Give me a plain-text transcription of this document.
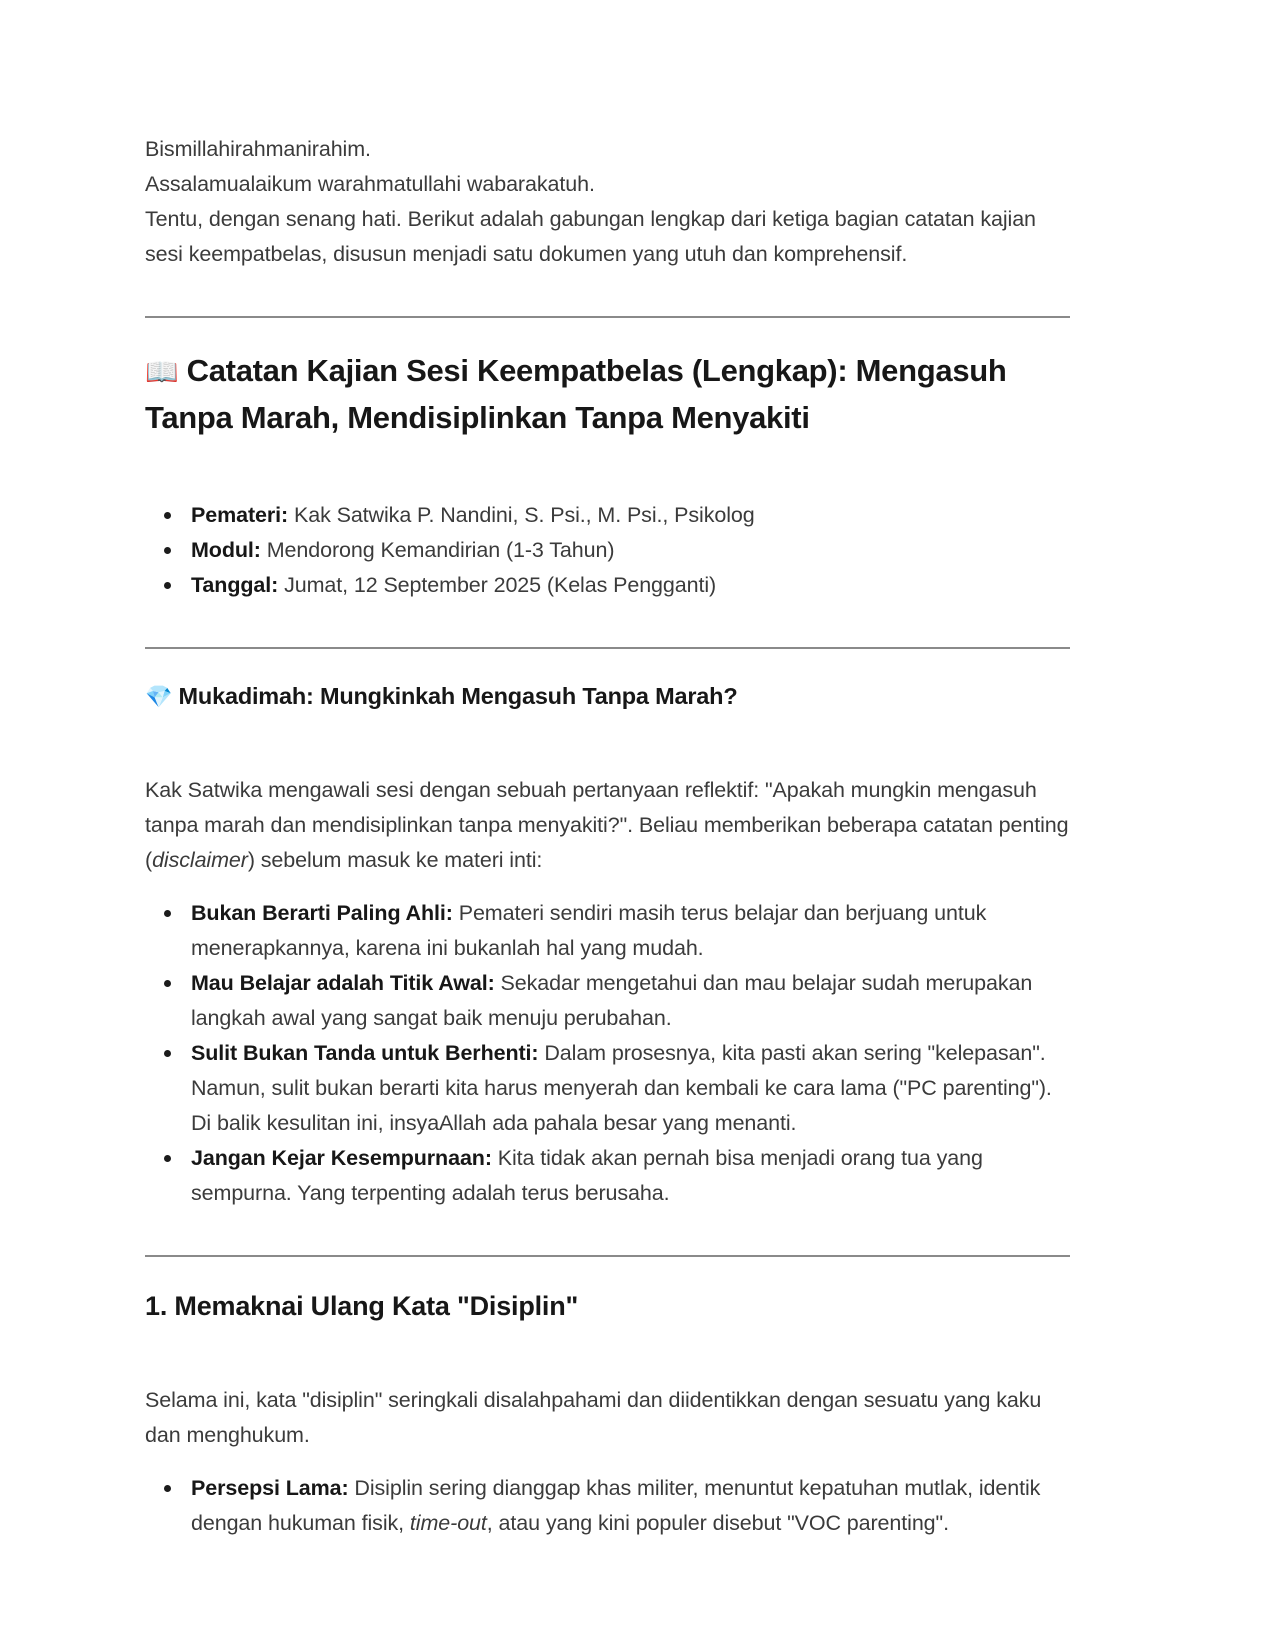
Bismillahirahmanirahim.

Assalamualaikum warahmatullahi wabarakatuh.

Tentu, dengan senang hati. Berikut adalah gabungan lengkap dari ketiga bagian catatan kajian sesi keempatbelas, disusun menjadi satu dokumen yang utuh dan komprehensif.

📖 Catatan Kajian Sesi Keempatbelas (Lengkap): Mengasuh Tanpa Marah, Mendisiplinkan Tanpa Menyakiti
Pemateri: Kak Satwika P. Nandini, S. Psi., M. Psi., Psikolog
Modul: Mendorong Kemandirian (1-3 Tahun)
Tanggal: Jumat, 12 September 2025 (Kelas Pengganti)
💎 Mukadimah: Mungkinkah Mengasuh Tanpa Marah?

Kak Satwika mengawali sesi dengan sebuah pertanyaan reflektif: "Apakah mungkin mengasuh tanpa marah dan mendisiplinkan tanpa menyakiti?". Beliau memberikan beberapa catatan penting (disclaimer) sebelum masuk ke materi inti:

Bukan Berarti Paling Ahli: Pemateri sendiri masih terus belajar dan berjuang untuk menerapkannya, karena ini bukanlah hal yang mudah.
Mau Belajar adalah Titik Awal: Sekadar mengetahui dan mau belajar sudah merupakan langkah awal yang sangat baik menuju perubahan.
Sulit Bukan Tanda untuk Berhenti: Dalam prosesnya, kita pasti akan sering "kelepasan". Namun, sulit bukan berarti kita harus menyerah dan kembali ke cara lama ("PC parenting"). Di balik kesulitan ini, insyaAllah ada pahala besar yang menanti.
Jangan Kejar Kesempurnaan: Kita tidak akan pernah bisa menjadi orang tua yang sempurna. Yang terpenting adalah terus berusaha.
1. Memaknai Ulang Kata "Disiplin"

Selama ini, kata "disiplin" seringkali disalahpahami dan diidentikkan dengan sesuatu yang kaku dan menghukum.

Persepsi Lama: Disiplin sering dianggap khas militer, menuntut kepatuhan mutlak, identik dengan hukuman fisik, time-out, atau yang kini populer disebut "VOC parenting".
